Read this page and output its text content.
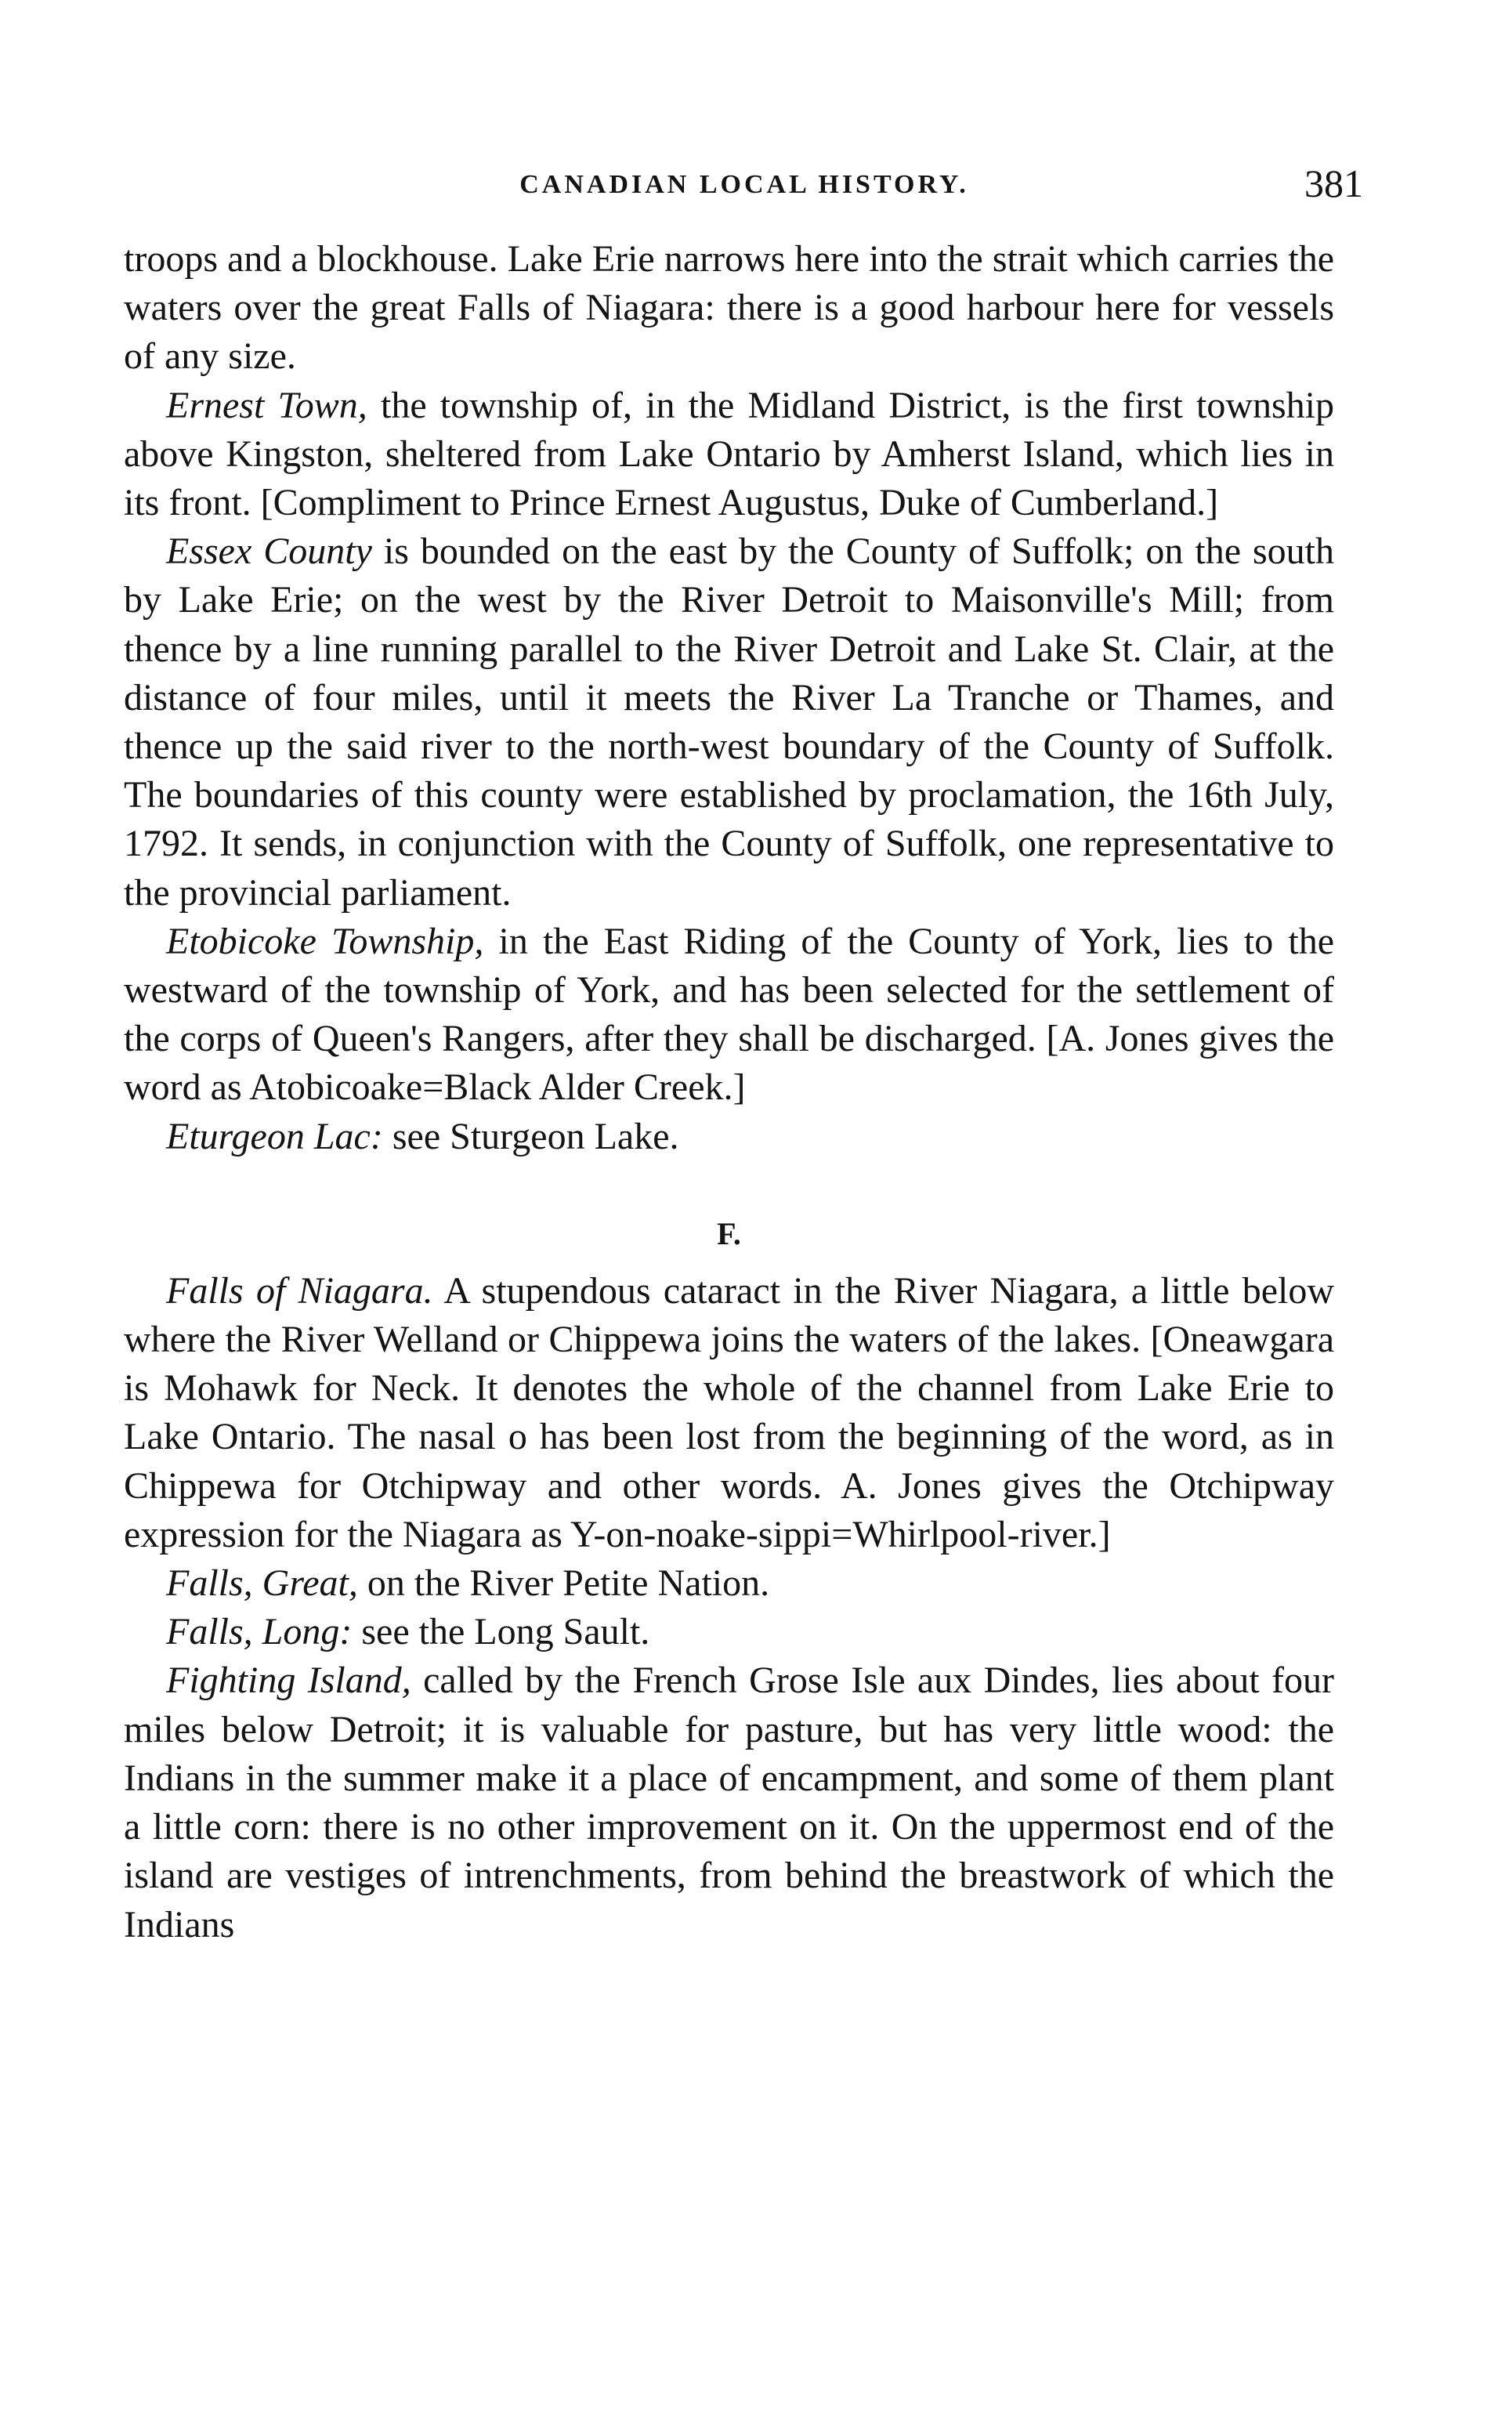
CANADIAN LOCAL HISTORY.	381

troops and a blockhouse. Lake Erie narrows here into the strait which carries the waters over the great Falls of Niagara: there is a good harbour here for vessels of any size.

Ernest Town, the township of, in the Midland District, is the first township above Kingston, sheltered from Lake Ontario by Amherst Island, which lies in its front. [Compliment to Prince Ernest Augustus, Duke of Cumberland.]

Essex County is bounded on the east by the County of Suffolk; on the south by Lake Erie; on the west by the River Detroit to Maisonville's Mill; from thence by a line running parallel to the River Detroit and Lake St. Clair, at the distance of four miles, until it meets the River La Tranche or Thames, and thence up the said river to the north-west boundary of the County of Suffolk. The boundaries of this county were established by proclamation, the 16th July, 1792. It sends, in conjunction with the County of Suffolk, one representative to the provincial parliament.

Etobicoke Township, in the East Riding of the County of York, lies to the westward of the township of York, and has been selected for the settlement of the corps of Queen's Rangers, after they shall be discharged. [A. Jones gives the word as Atobicoake=Black Alder Creek.]

Eturgeon Lac: see Sturgeon Lake.

F.

Falls of Niagara. A stupendous cataract in the River Niagara, a little below where the River Welland or Chippewa joins the waters of the lakes. [Oneawgara is Mohawk for Neck. It denotes the whole of the channel from Lake Erie to Lake Ontario. The nasal o has been lost from the beginning of the word, as in Chippewa for Otchipway and other words. A. Jones gives the Otchipway expression for the Niagara as Y-on-noake-sippi=Whirlpool-river.]

Falls, Great, on the River Petite Nation.

Falls, Long: see the Long Sault.

Fighting Island, called by the French Grose Isle aux Dindes, lies about four miles below Detroit; it is valuable for pasture, but has very little wood: the Indians in the summer make it a place of encampment, and some of them plant a little corn: there is no other improvement on it. On the uppermost end of the island are vestiges of intrenchments, from behind the breastwork of which the Indians
